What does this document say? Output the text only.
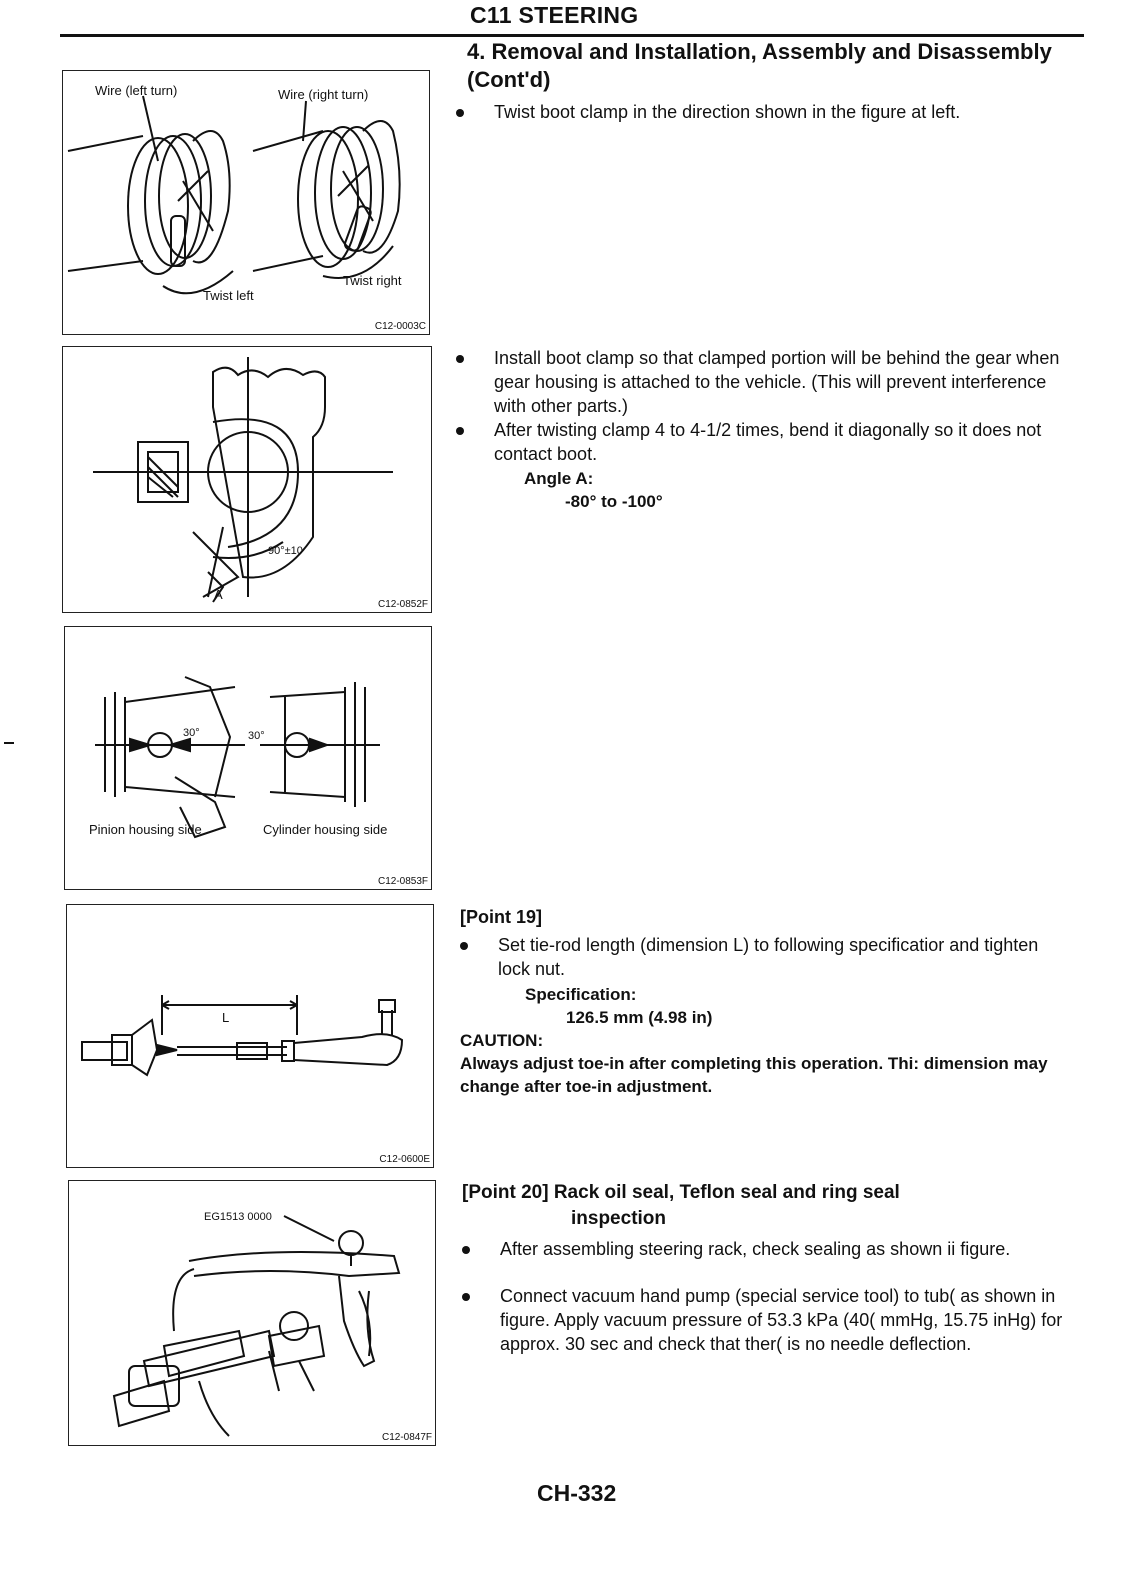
C11 STEERING
4. Removal and Installation, Assembly and Disassembly (Cont'd)
Wire (left turn)	Wire (right turn)
Twist left
Twist right
C12-0003C
Twist boot clamp in the direction shown in the figure at left.
90°±10
A
C12-0852F
Install boot clamp so that clamped portion will be behind the gear when gear housing is attached to the vehicle. (This will prevent interference with other parts.)
After twisting clamp 4 to 4-1/2 times, bend it diagonally so it does not contact boot.
Angle A:
-80° to -100°
30°	30°
Pinion housing side	Cylinder housing side
C12-0853F
L
C12-0600E
[Point 19]
Set tie-rod length (dimension L) to following specificatior and tighten lock nut.
Specification:
126.5 mm (4.98 in)
CAUTION:
Always adjust toe-in after completing this operation. Thi: dimension may change after toe-in adjustment.
EG1513 0000
C12-0847F
[Point 20] Rack oil seal, Teflon seal and ring seal
inspection
After assembling steering rack, check sealing as shown ii figure.
Connect vacuum hand pump (special service tool) to tub( as shown in figure. Apply vacuum pressure of 53.3 kPa (40( mmHg, 15.75 inHg) for approx. 30 sec and check that ther( is no needle deflection.
CH-332
